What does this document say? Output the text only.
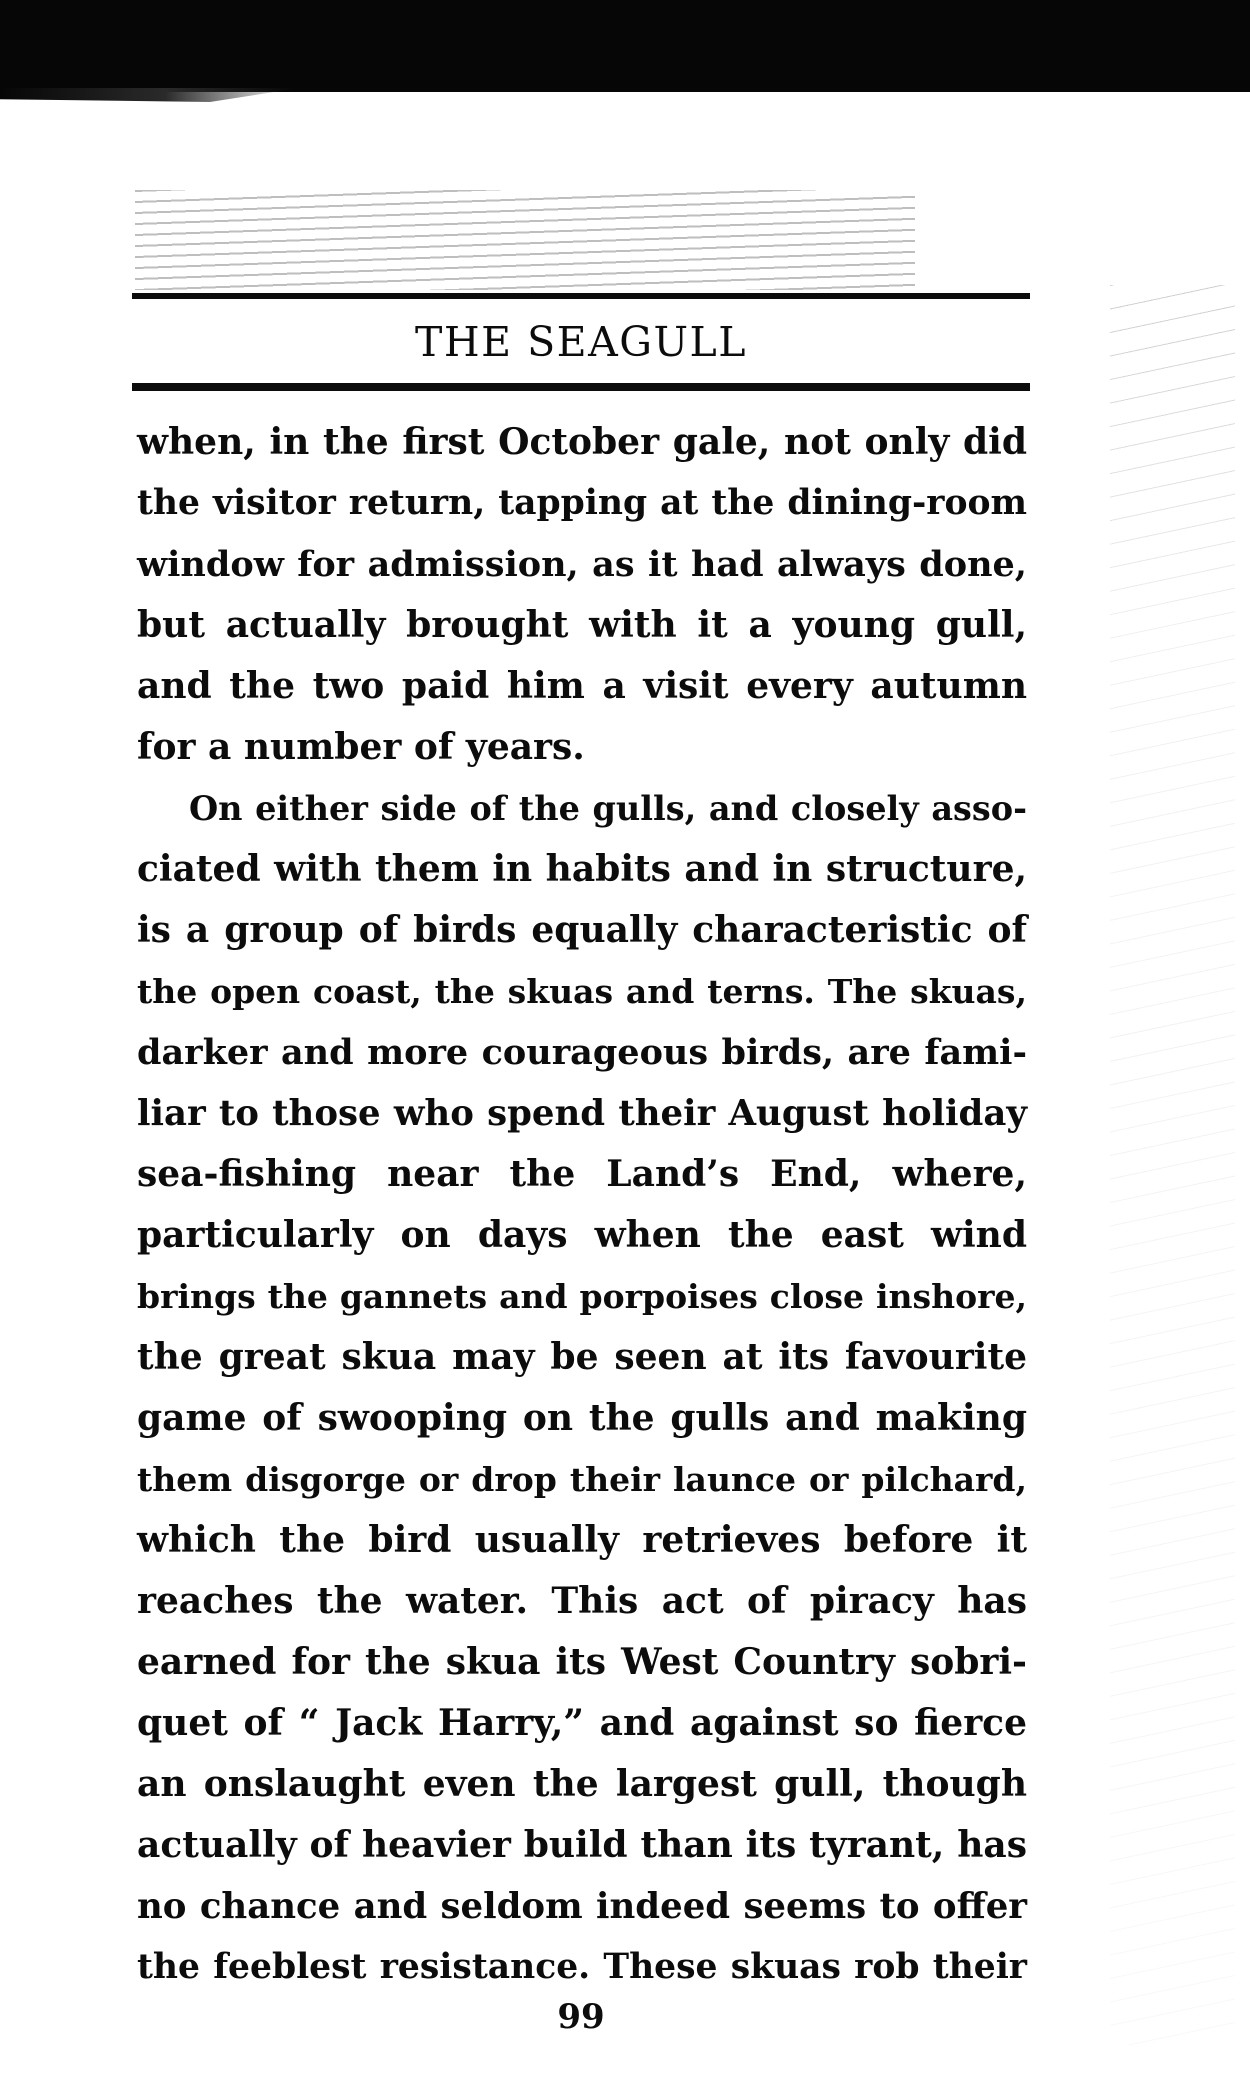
THE SEAGULL
when, in the first October gale, not only did
the visitor return, tapping at the dining-room
window for admission, as it had always done,
but actually brought with it a young gull,
and the two paid him a visit every autumn
for a number of years.
On either side of the gulls, and closely asso-
ciated with them in habits and in structure,
is a group of birds equally characteristic of
the open coast, the skuas and terns. The skuas,
darker and more courageous birds, are fami-
liar to those who spend their August holiday
sea-fishing near the Land’s End, where,
particularly on days when the east wind
brings the gannets and porpoises close inshore,
the great skua may be seen at its favourite
game of swooping on the gulls and making
them disgorge or drop their launce or pilchard,
which the bird usually retrieves before it
reaches the water. This act of piracy has
earned for the skua its West Country sobri-
quet of “ Jack Harry,” and against so fierce
an onslaught even the largest gull, though
actually of heavier build than its tyrant, has
no chance and seldom indeed seems to offer
the feeblest resistance. These skuas rob their
99
